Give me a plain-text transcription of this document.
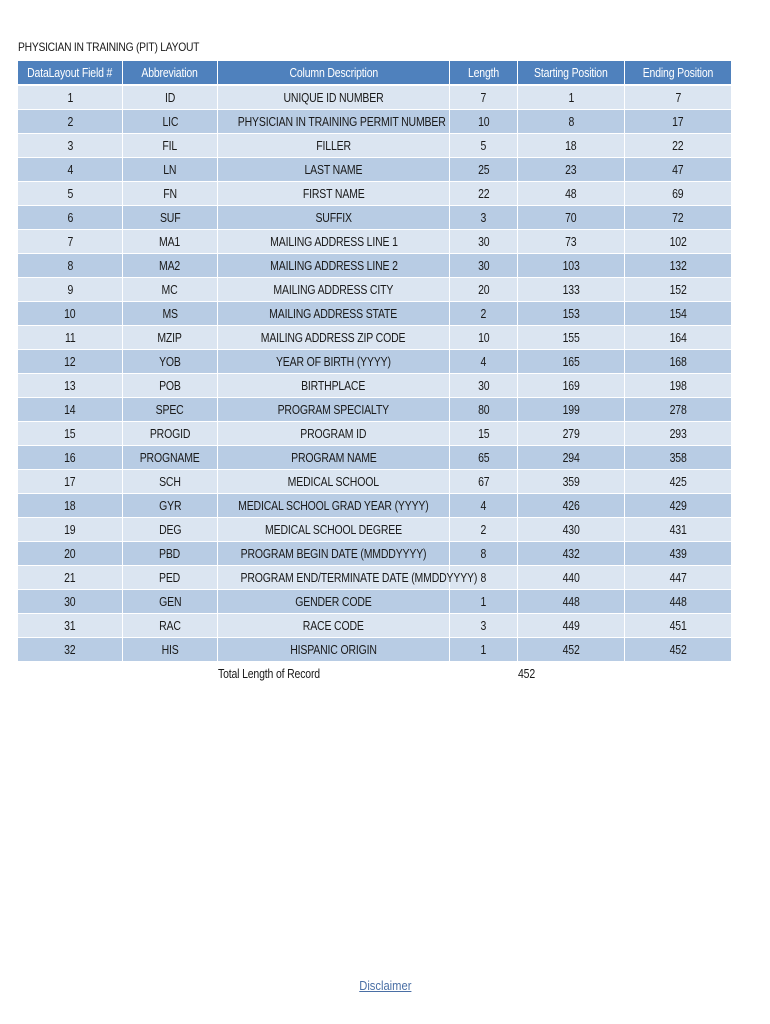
PHYSICIAN IN TRAINING (PIT) LAYOUT
DataLayout Field #	Abbreviation	Column Description	Length	Starting Position	Ending Position
1	ID	UNIQUE ID NUMBER	7	1	7
2	LIC	PHYSICIAN IN TRAINING PERMIT NUMBER	10	8	17
3	FIL	FILLER	5	18	22
4	LN	LAST NAME	25	23	47
5	FN	FIRST NAME	22	48	69
6	SUF	SUFFIX	3	70	72
7	MA1	MAILING ADDRESS LINE 1	30	73	102
8	MA2	MAILING ADDRESS LINE 2	30	103	132
9	MC	MAILING ADDRESS CITY	20	133	152
10	MS	MAILING ADDRESS STATE	2	153	154
11	MZIP	MAILING ADDRESS ZIP CODE	10	155	164
12	YOB	YEAR OF BIRTH (YYYY)	4	165	168
13	POB	BIRTHPLACE	30	169	198
14	SPEC	PROGRAM SPECIALTY	80	199	278
15	PROGID	PROGRAM ID	15	279	293
16	PROGNAME	PROGRAM NAME	65	294	358
17	SCH	MEDICAL SCHOOL	67	359	425
18	GYR	MEDICAL SCHOOL GRAD YEAR (YYYY)	4	426	429
19	DEG	MEDICAL SCHOOL DEGREE	2	430	431
20	PBD	PROGRAM BEGIN DATE (MMDDYYYY)	8	432	439
21	PED	PROGRAM END/TERMINATE DATE (MMDDYYYY)	8	440	447
30	GEN	GENDER CODE	1	448	448
31	RAC	RACE CODE	3	449	451
32	HIS	HISPANIC ORIGIN	1	452	452
		Total Length of Record		452	
Disclaimer
